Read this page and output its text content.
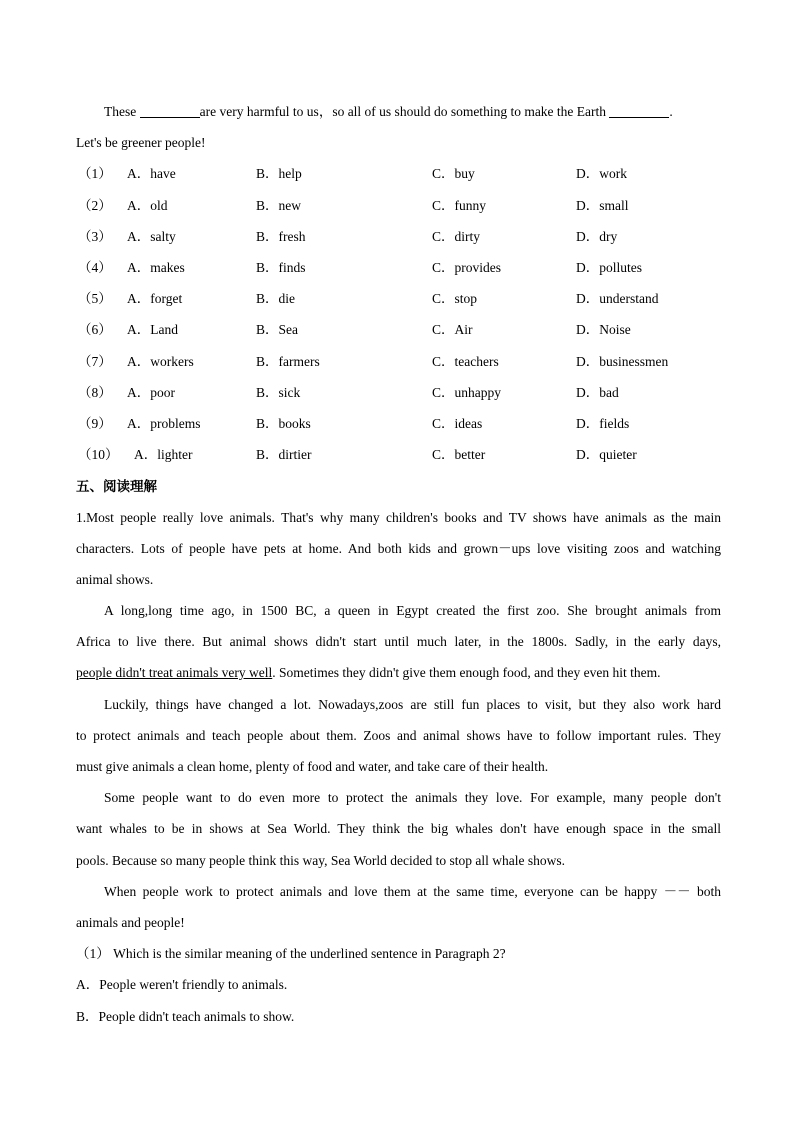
These	are very harmful to us，so all of us should do something to make the Earth	.
Let's be greener people!
（1） A．have	B．help	C．buy	D．work
（2） A．old	B．new	C．funny	D．small
（3） A．salty	B．fresh	C．dirty	D．dry
（4） A．makes	B．finds	C．provides	D．pollutes
（5） A．forget	B．die	C．stop	D．understand
（6） A．Land	B．Sea	C．Air	D．Noise
（7） A．workers	B．farmers	C．teachers	D．businessmen
（8） A．poor	B．sick	C．unhappy	D．bad
（9） A．problems	B．books	C．ideas	D．fields
（10） A．lighter	B．dirtier	C．better	D．quieter
五、阅读理解
1.Most people really love animals. That's why many children's books and TV shows have animals as the main
characters. Lots of people have pets at home. And both kids and grown－ups love visiting zoos and watching
animal shows.
A long,long time ago, in 1500 BC, a queen in Egypt created the first zoo. She brought animals from
Africa to live there. But animal shows didn't start until much later, in the 1800s. Sadly, in the early days,
people didn't treat animals very well. Sometimes they didn't give them enough food, and they even hit them.
Luckily, things have changed a lot. Nowadays,zoos are still fun places to visit, but they also work hard
to protect animals and teach people about them. Zoos and animal shows have to follow important rules. They
must give animals a clean home, plenty of food and water, and take care of their health.
Some people want to do even more to protect the animals they love. For example, many people don't
want whales to be in shows at Sea World. They think the big whales don't have enough space in the small
pools. Because so many people think this way, Sea World decided to stop all whale shows.
When people work to protect animals and love them at the same time, everyone can be happy －－ both
animals and people!
（1） Which is the similar meaning of the underlined sentence in Paragraph 2?
A．People weren't friendly to animals.
B．People didn't teach animals to show.
